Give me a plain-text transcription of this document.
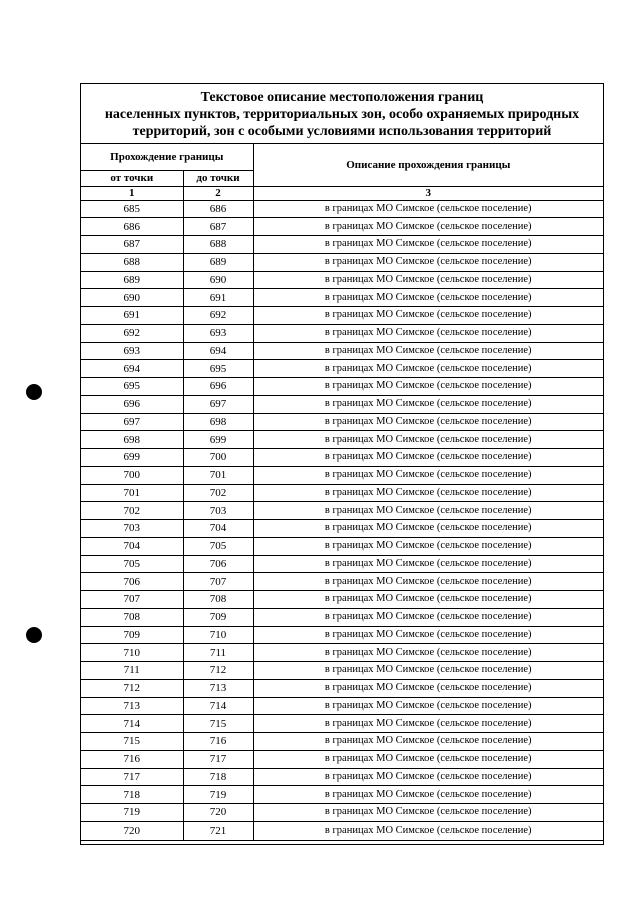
Текстовое описание местоположения границ
населенных пунктов, территориальных зон, особо охраняемых природных
территорий, зон с особыми условиями использования территорий
Прохождение границы		Описание прохождения границы
от точки	до точки	
1	2	3
685	686	в границах МО Симское (сельское поселение)
686	687	в границах МО Симское (сельское поселение)
687	688	в границах МО Симское (сельское поселение)
688	689	в границах МО Симское (сельское поселение)
689	690	в границах МО Симское (сельское поселение)
690	691	в границах МО Симское (сельское поселение)
691	692	в границах МО Симское (сельское поселение)
692	693	в границах МО Симское (сельское поселение)
693	694	в границах МО Симское (сельское поселение)
694	695	в границах МО Симское (сельское поселение)
695	696	в границах МО Симское (сельское поселение)
696	697	в границах МО Симское (сельское поселение)
697	698	в границах МО Симское (сельское поселение)
698	699	в границах МО Симское (сельское поселение)
699	700	в границах МО Симское (сельское поселение)
700	701	в границах МО Симское (сельское поселение)
701	702	в границах МО Симское (сельское поселение)
702	703	в границах МО Симское (сельское поселение)
703	704	в границах МО Симское (сельское поселение)
704	705	в границах МО Симское (сельское поселение)
705	706	в границах МО Симское (сельское поселение)
706	707	в границах МО Симское (сельское поселение)
707	708	в границах МО Симское (сельское поселение)
708	709	в границах МО Симское (сельское поселение)
709	710	в границах МО Симское (сельское поселение)
710	711	в границах МО Симское (сельское поселение)
711	712	в границах МО Симское (сельское поселение)
712	713	в границах МО Симское (сельское поселение)
713	714	в границах МО Симское (сельское поселение)
714	715	в границах МО Симское (сельское поселение)
715	716	в границах МО Симское (сельское поселение)
716	717	в границах МО Симское (сельское поселение)
717	718	в границах МО Симское (сельское поселение)
718	719	в границах МО Симское (сельское поселение)
719	720	в границах МО Симское (сельское поселение)
720	721	в границах МО Симское (сельское поселение)
